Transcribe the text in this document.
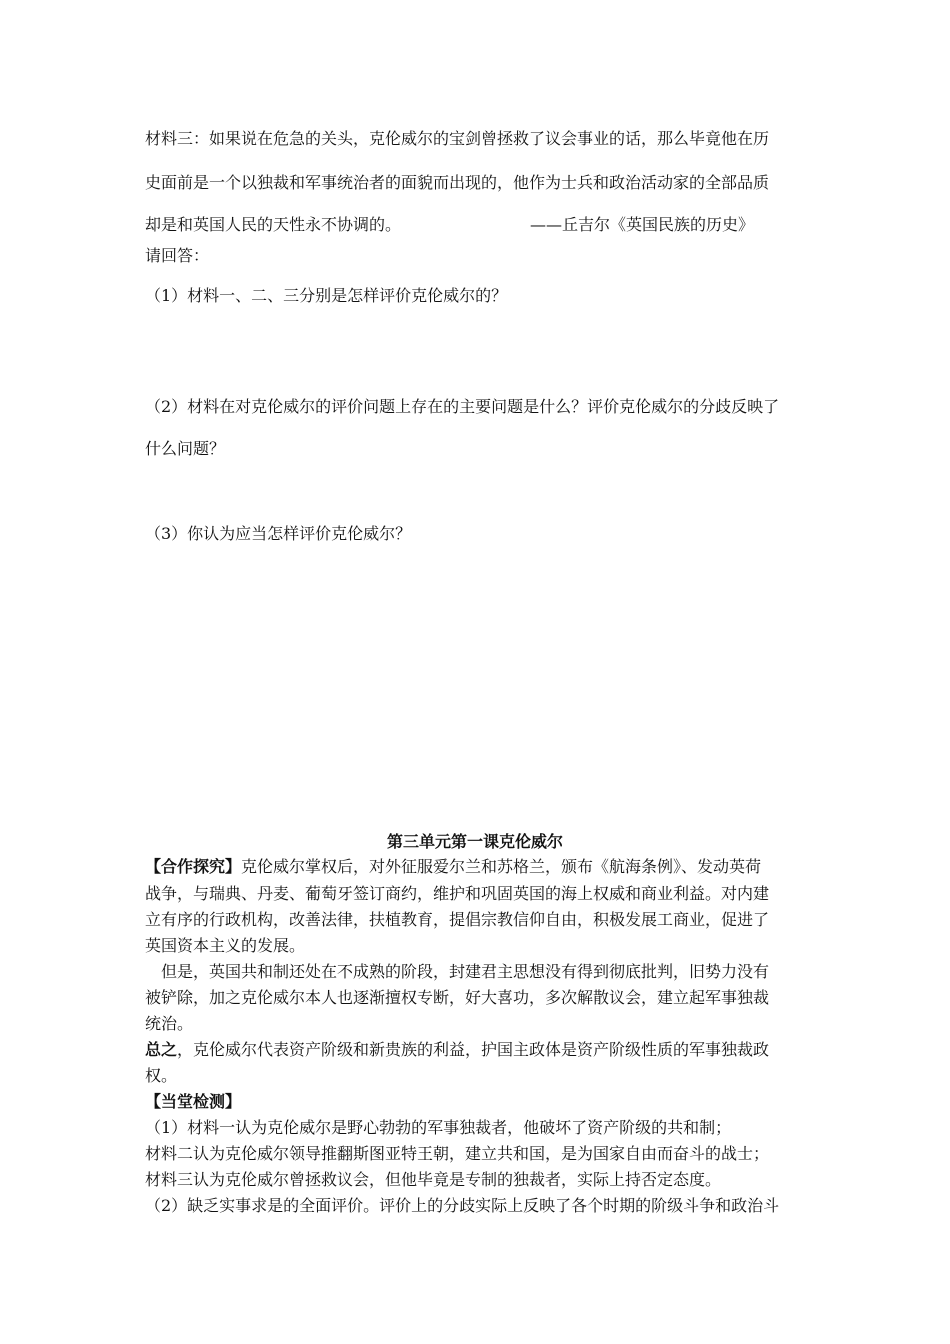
材料三：如果说在危急的关头，克伦威尔的宝剑曾拯救了议会事业的话，那么毕竟他在历
史面前是一个以独裁和军事统治者的面貌而出现的，他作为士兵和政治活动家的全部品质
却是和英国人民的天性永不协调的。	——丘吉尔《英国民族的历史》
请回答：
（1）材料一、二、三分别是怎样评价克伦威尔的？
（2）材料在对克伦威尔的评价问题上存在的主要问题是什么？评价克伦威尔的分歧反映了
什么问题？
（3）你认为应当怎样评价克伦威尔？
第三单元第一课克伦威尔
【合作探究】克伦威尔掌权后，对外征服爱尔兰和苏格兰，颁布《航海条例》、发动英荷
战争，与瑞典、丹麦、葡萄牙签订商约，维护和巩固英国的海上权威和商业利益。对内建
立有序的行政机构，改善法律，扶植教育，提倡宗教信仰自由，积极发展工商业，促进了
英国资本主义的发展。
　但是，英国共和制还处在不成熟的阶段，封建君主思想没有得到彻底批判，旧势力没有
被铲除，加之克伦威尔本人也逐渐擅权专断，好大喜功，多次解散议会，建立起军事独裁
统治。
总之，克伦威尔代表资产阶级和新贵族的利益，护国主政体是资产阶级性质的军事独裁政
权。
【当堂检测】
（1）材料一认为克伦威尔是野心勃勃的军事独裁者，他破坏了资产阶级的共和制；
材料二认为克伦威尔领导推翻斯图亚特王朝，建立共和国，是为国家自由而奋斗的战士；
材料三认为克伦威尔曾拯救议会，但他毕竟是专制的独裁者，实际上持否定态度。
（2）缺乏实事求是的全面评价。评价上的分歧实际上反映了各个时期的阶级斗争和政治斗
